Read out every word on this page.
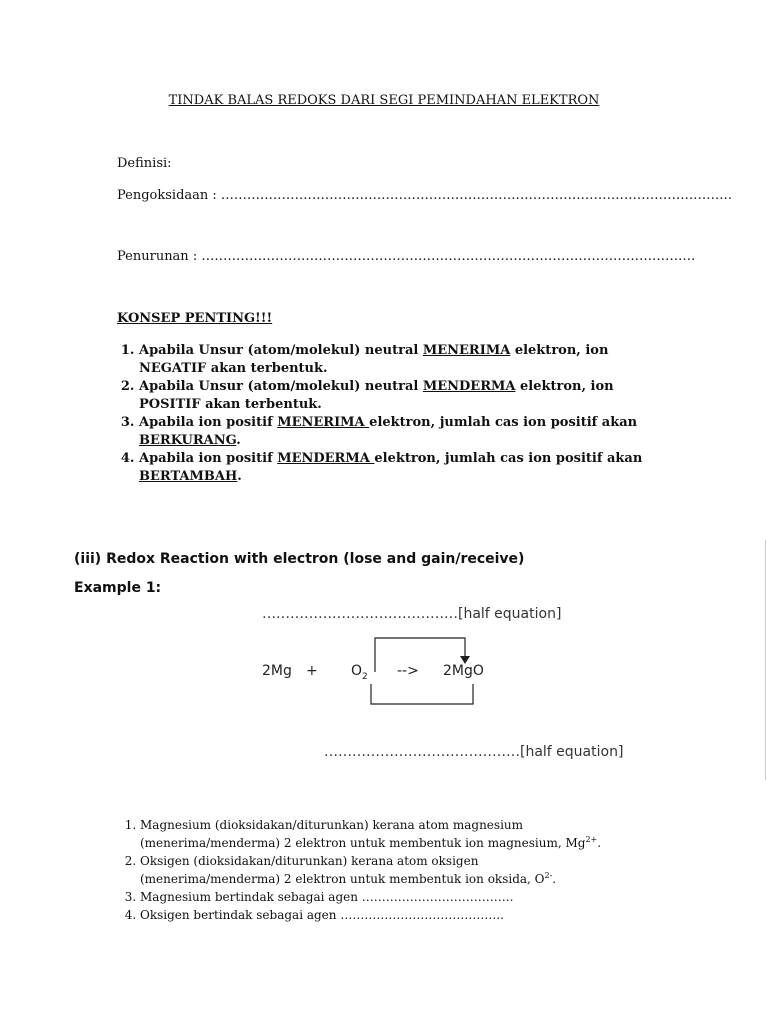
TINDAK BALAS REDOKS DARI SEGI PEMINDAHAN ELEKTRON
Definisi:
Pengoksidaan : ……………………………………………………………………………………………………….
Penurunan : ……………………………………………………………………………………………………
KONSEP PENTING!!!
1. Apabila Unsur (atom/molekul) neutral MENERIMA elektron, ion
NEGATIF akan terbentuk.
2. Apabila Unsur (atom/molekul) neutral MENDERMA elektron, ion
POSITIF akan terbentuk.
3. Apabila ion positif MENERIMA elektron, jumlah cas ion positif akan
BERKURANG.
4. Apabila ion positif MENDERMA elektron, jumlah cas ion positif akan
BERTAMBAH.
(iii) Redox Reaction with electron (lose and gain/receive)
Example 1:
……………………………………[half equation]
$2Mg + O_2$ --> 2MgO
……………………………………[half equation]
1. Magnesium (dioksidakan/diturunkan) kerana atom magnesium
(menerima/menderma) 2 elektron untuk membentuk ion magnesium, $Mg^{2+}$.
2. Oksigen (dioksidakan/diturunkan) kerana atom oksigen
(menerima/menderma) 2 elektron untuk membentuk ion oksida, $O^{2-}$.
3. Magnesium bertindak sebagai agen ………………………………..
4. Oksigen bertindak sebagai agen …………………………………..
